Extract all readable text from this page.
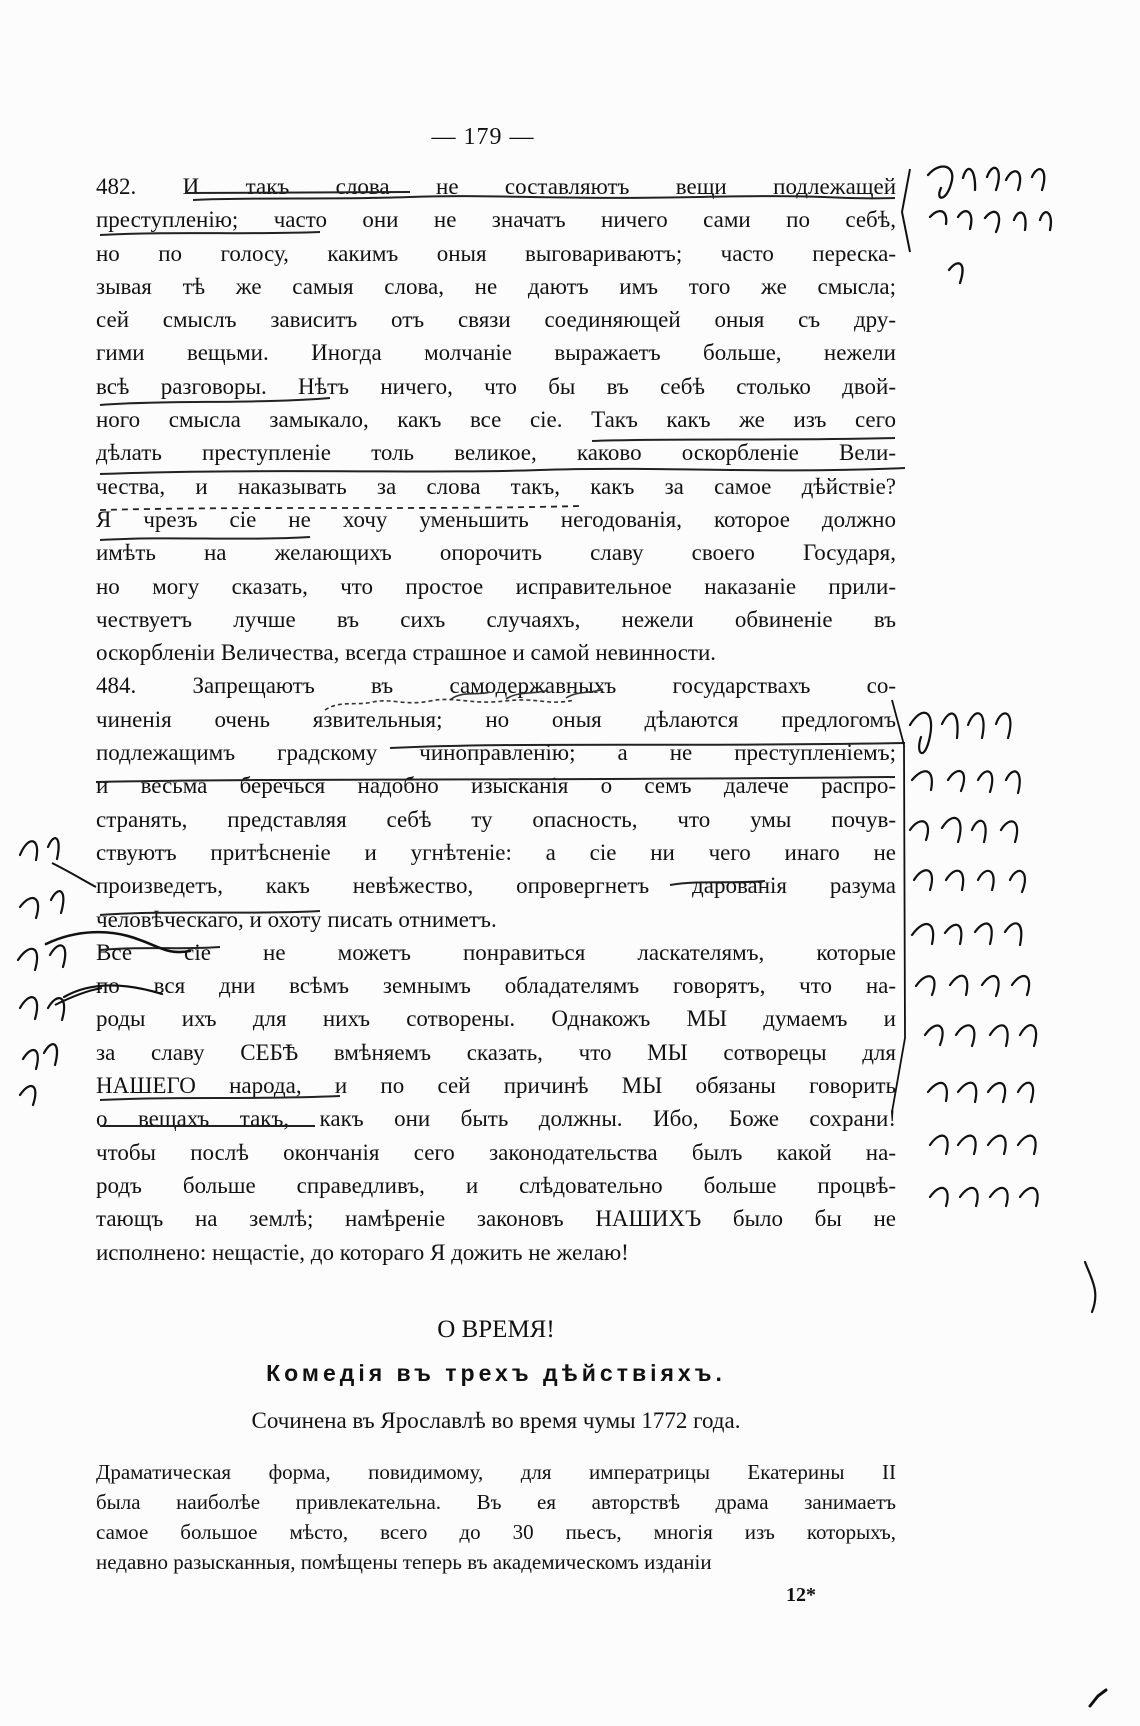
— 179 —
482. И такъ слова не составляютъ вещи подлежащей
преступленію; часто они не значатъ ничего сами по себѣ,
но по голосу, какимъ оныя выговариваютъ; часто переска-
зывая тѣ же самыя слова, не даютъ имъ того же смысла;
сей смыслъ зависитъ отъ связи соединяющей оныя съ дру-
гими вещьми. Иногда молчаніе выражаетъ больше, нежели
всѣ разговоры. Нѣтъ ничего, что бы въ себѣ столько двой-
ного смысла замыкало, какъ все сіе. Такъ какъ же изъ сего
дѣлать преступленіе толь великое, каково оскорбленіе Вели-
чества, и наказывать за слова такъ, какъ за самое дѣйствіе?
Я чрезъ сіе не хочу уменьшить негодованія, которое должно
имѣть на желающихъ опорочить славу своего Государя,
но могу сказать, что простое исправительное наказаніе прили-
чествуетъ лучше въ сихъ случаяхъ, нежели обвиненіе въ
оскорбленіи Величества, всегда страшное и самой невинности.
484. Запрещаютъ въ самодержавныхъ государствахъ со-
чиненія очень язвительныя; но оныя дѣлаются предлогомъ
подлежащимъ градскому чиноправленію; а не преступленіемъ;
и весьма беречься надобно изысканія о семъ далече распро-
странять, представляя себѣ ту опасность, что умы почув-
ствуютъ притѣсненіе и угнѣтеніе: а сіе ни чего инаго не
произведетъ, какъ невѣжество, опровергнетъ дарованія разума
человѣческаго, и охоту писать отниметъ.
Все сіе не можетъ понравиться ласкателямъ, которые
по вся дни всѣмъ земнымъ обладателямъ говорятъ, что на-
роды ихъ для нихъ сотворены. Однакожъ МЫ думаемъ и
за славу СЕБѢ вмѣняемъ сказать, что МЫ сотворецы для
НАШЕГО народа, и по сей причинѣ МЫ обязаны говорить
о вещахъ такъ, какъ они быть должны. Ибо, Боже сохрани!
чтобы послѣ окончанія сего законодательства былъ какой на-
родъ больше справедливъ, и слѣдовательно больше процвѣ-
тающъ на землѣ; намѣреніе законовъ НАШИХЪ было бы не
исполнено: нещастіе, до котораго Я дожить не желаю!
О ВРЕМЯ!
Комедія въ трехъ дѣйствіяхъ.
Сочинена въ Ярославлѣ во время чумы 1772 года.
Драматическая форма, повидимому, для императрицы Екатерины II
была наиболѣе привлекательна. Въ ея авторствѣ драма занимаетъ
самое большое мѣсто, всего до 30 пьесъ, многія изъ которыхъ,
недавно разысканныя, помѣщены теперь въ академическомъ изданіи
12*
